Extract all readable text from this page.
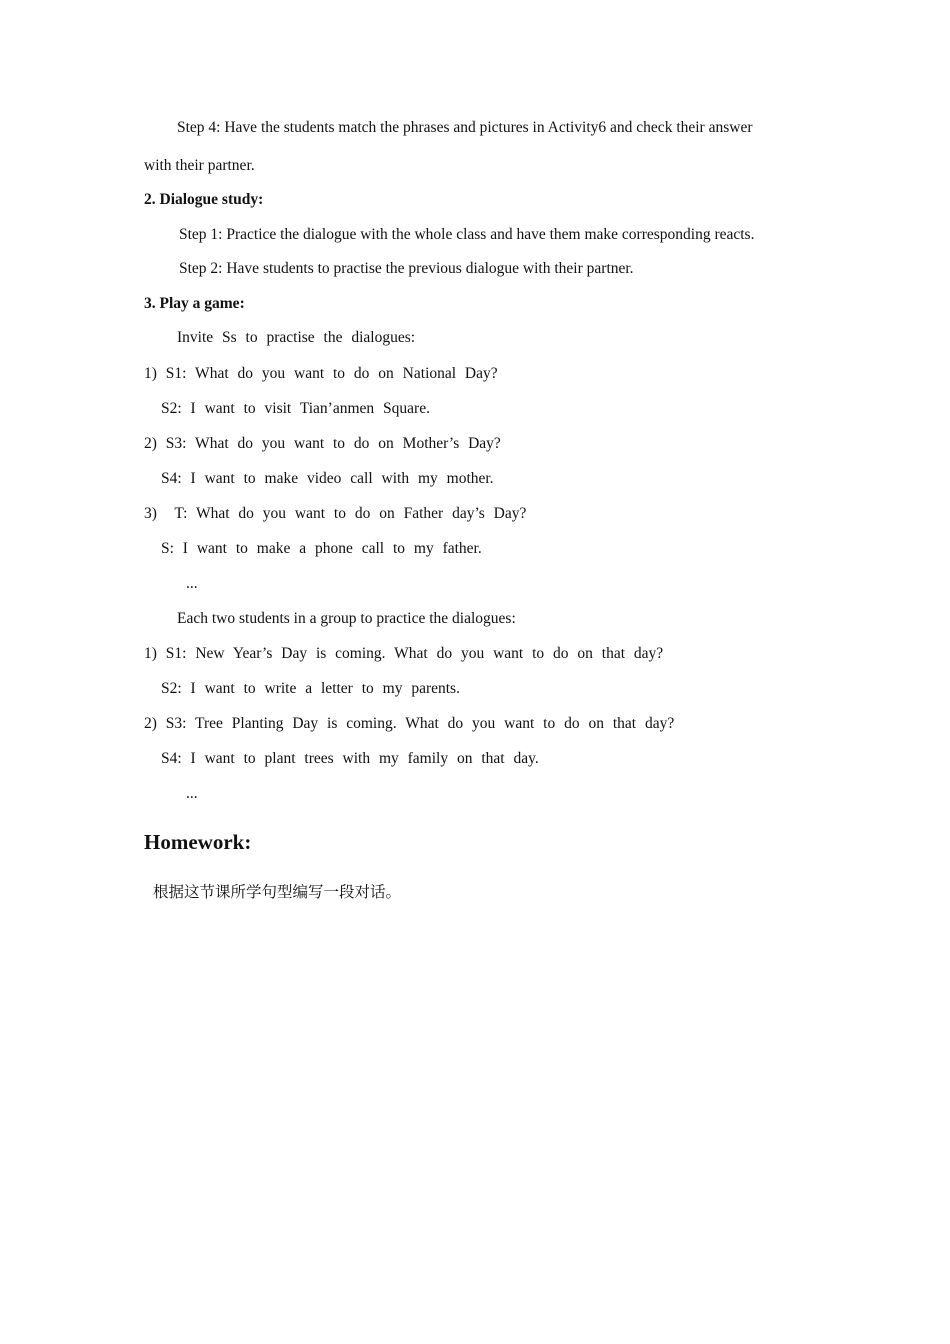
Step 4: Have the students match the phrases and pictures in Activity6 and check their answer
with their partner.
2. Dialogue study:
Step 1: Practice the dialogue with the whole class and have them make corresponding reacts.
Step 2: Have students to practise the previous dialogue with their partner.
3. Play a game:
Invite Ss to practise the dialogues:
1) S1: What do you want to do on National Day?
S2: I want to visit Tian’anmen Square.
2) S3: What do you want to do on Mother’s Day?
S4: I want to make video call with my mother.
3)  T: What do you want to do on Father day’s Day?
S: I want to make a phone call to my father.
...
Each two students in a group to practice the dialogues:
1) S1: New Year’s Day is coming. What do you want to do on that day?
S2: I want to write a letter to my parents.
2) S3: Tree Planting Day is coming. What do you want to do on that day?
S4: I want to plant trees with my family on that day.
...
Homework:
根据这节课所学句型编写一段对话。
